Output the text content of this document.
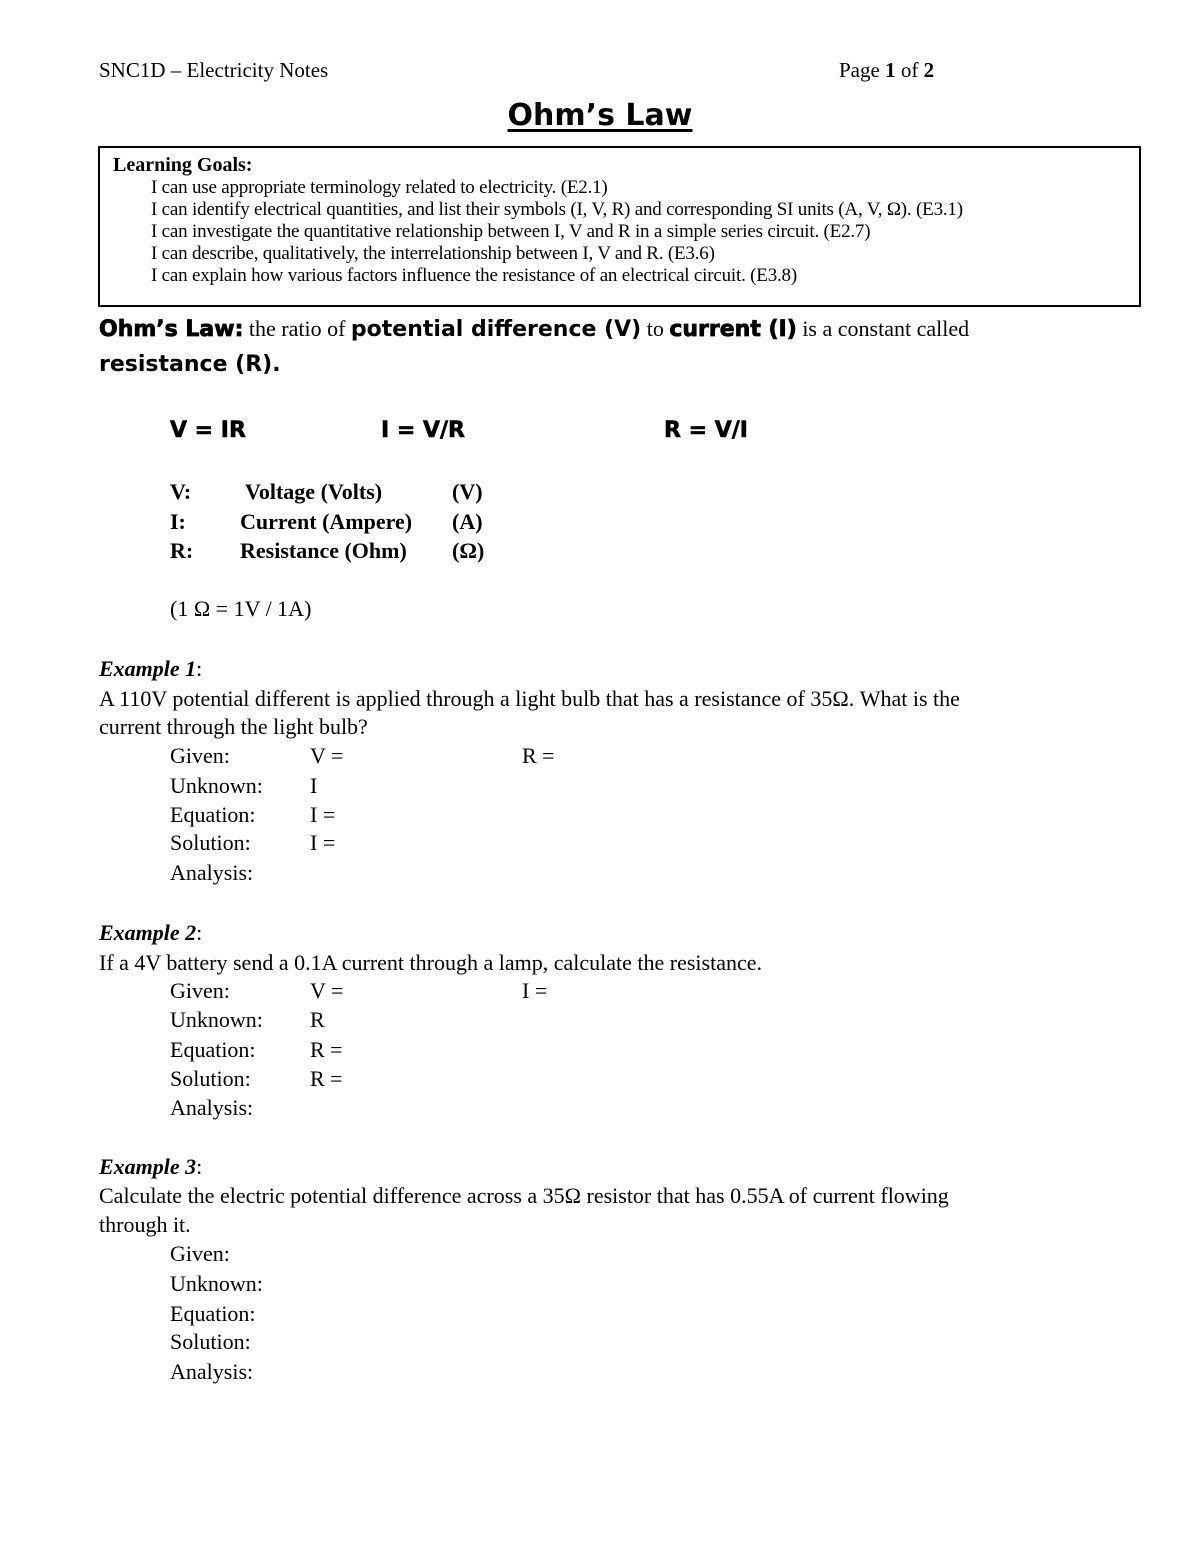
SNC1D – Electricity Notes	Page 1 of 2
Ohm’s Law
Learning Goals:
I can use appropriate terminology related to electricity. (E2.1)
I can identify electrical quantities, and list their symbols (I, V, R) and corresponding SI units (A, V, Ω). (E3.1)
I can investigate the quantitative relationship between I, V and R in a simple series circuit. (E2.7)
I can describe, qualitatively, the interrelationship between I, V and R. (E3.6)
I can explain how various factors influence the resistance of an electrical circuit. (E3.8)
Ohm’s Law: the ratio of potential difference (V) to current (I) is a constant called
resistance (R).
V = IR	I = V/R	R = V/I
V: Voltage (Volts)	(V)
I: Current (Ampere) (A)
R: Resistance (Ohm) (Ω)
(1 Ω = 1V / 1A)
Example 1:
A 110V potential different is applied through a light bulb that has a resistance of 35Ω. What is the
current through the light bulb?
Given:	V =	R =
Unknown: I
Equation: I =
Solution:	I =
Analysis:
Example 2:
If a 4V battery send a 0.1A current through a lamp, calculate the resistance.
Given:	V =	I =
Unknown: R
Equation: R =
Solution:	R =
Analysis:
Example 3:
Calculate the electric potential difference across a 35Ω resistor that has 0.55A of current flowing
through it.
Given:
Unknown:
Equation:
Solution:
Analysis:
